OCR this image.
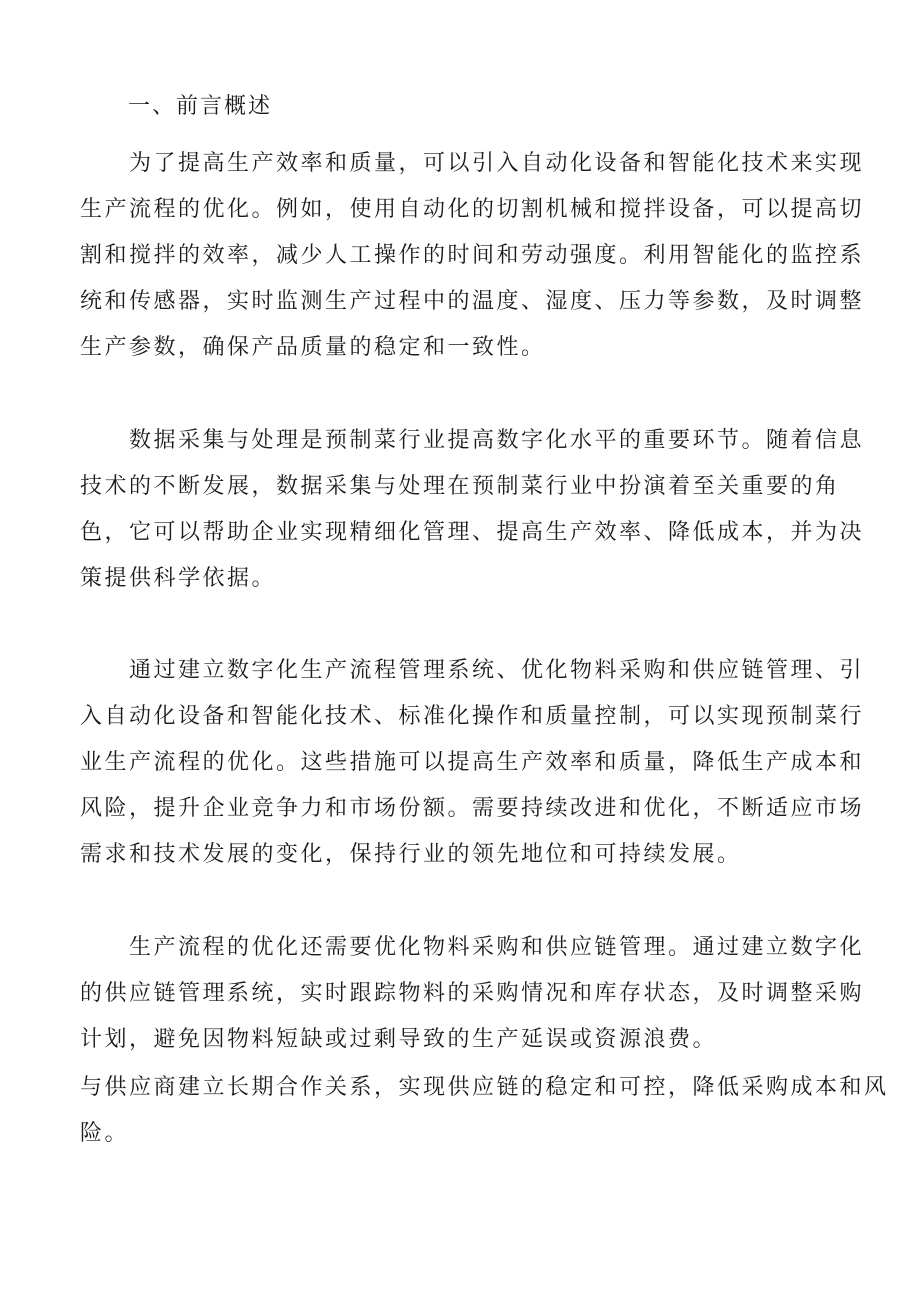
一、前言概述
　　为了提高生产效率和质量，可以引入自动化设备和智能化技术来实现
生产流程的优化。例如，使用自动化的切割机械和搅拌设备，可以提高切
割和搅拌的效率，减少人工操作的时间和劳动强度。利用智能化的监控系
统和传感器，实时监测生产过程中的温度、湿度、压力等参数，及时调整
生产参数，确保产品质量的稳定和一致性。
　　数据采集与处理是预制菜行业提高数字化水平的重要环节。随着信息
技术的不断发展，数据采集与处理在预制菜行业中扮演着至关重要的角
色，它可以帮助企业实现精细化管理、提高生产效率、降低成本，并为决
策提供科学依据。
　　通过建立数字化生产流程管理系统、优化物料采购和供应链管理、引
入自动化设备和智能化技术、标准化操作和质量控制，可以实现预制菜行
业生产流程的优化。这些措施可以提高生产效率和质量，降低生产成本和
风险，提升企业竞争力和市场份额。需要持续改进和优化，不断适应市场
需求和技术发展的变化，保持行业的领先地位和可持续发展。
　　生产流程的优化还需要优化物料采购和供应链管理。通过建立数字化
的供应链管理系统，实时跟踪物料的采购情况和库存状态，及时调整采购
计划，避免因物料短缺或过剩导致的生产延误或资源浪费。
与供应商建立长期合作关系，实现供应链的稳定和可控，降低采购成本和风
险。
